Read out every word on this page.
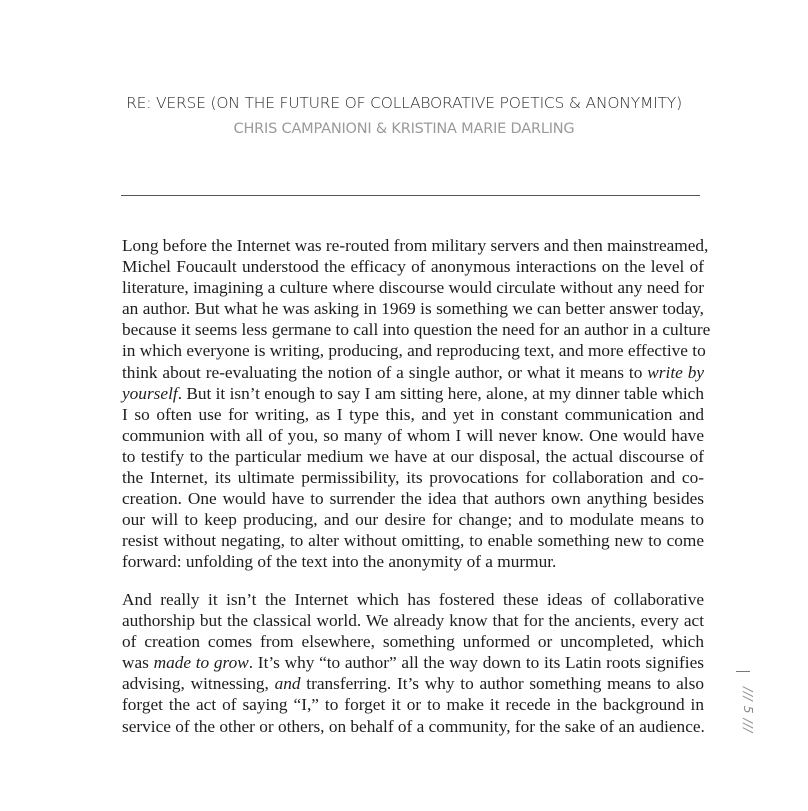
RE: VERSE (ON THE FUTURE OF COLLABORATIVE POETICS & ANONYMITY)
CHRIS CAMPANIONI & KRISTINA MARIE DARLING
Long before the Internet was re-routed from military servers and then mainstreamed,
Michel Foucault understood the efficacy of anonymous interactions on the level of
literature, imagining a culture where discourse would circulate without any need for
an author. But what he was asking in 1969 is something we can better answer today,
because it seems less germane to call into question the need for an author in a culture
in which everyone is writing, producing, and reproducing text, and more effective to
think about re-evaluating the notion of a single author, or what it means to write by
yourself. But it isn’t enough to say I am sitting here, alone, at my dinner table which
I so often use for writing, as I type this, and yet in constant communication and
communion with all of you, so many of whom I will never know. One would have
to testify to the particular medium we have at our disposal, the actual discourse of
the Internet, its ultimate permissibility, its provocations for collaboration and co-
creation. One would have to surrender the idea that authors own anything besides
our will to keep producing, and our desire for change; and to modulate means to
resist without negating, to alter without omitting, to enable something new to come
forward: unfolding of the text into the anonymity of a murmur.
And really it isn’t the Internet which has fostered these ideas of collaborative
authorship but the classical world. We already know that for the ancients, every act
of creation comes from elsewhere, something unformed or uncompleted, which
was made to grow. It’s why “to author” all the way down to its Latin roots signifies
advising, witnessing, and transferring. It’s why to author something means to also
forget the act of saying “I,” to forget it or to make it recede in the background in
service of the other or others, on behalf of a community, for the sake of an audience.	/// 5 ///
